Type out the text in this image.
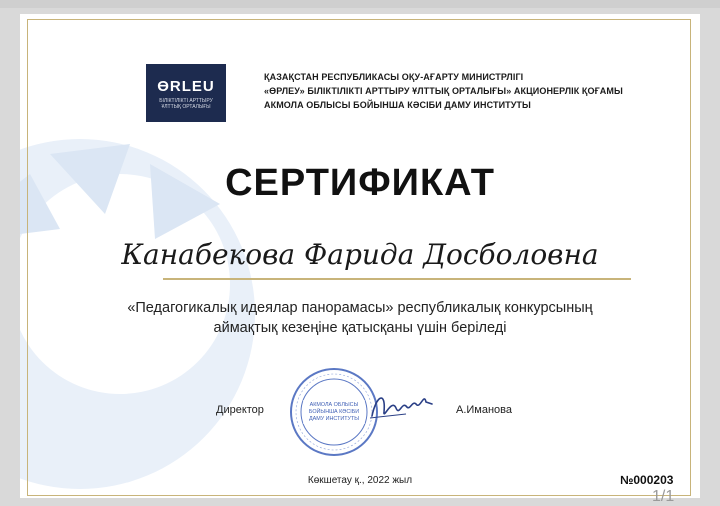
ƟRLEU
БІЛІКТІЛІКТІ АРТТЫРУ
ҰЛТТЫҚ ОРТАЛЫҒЫ
ҚАЗАҚСТАН РЕСПУБЛИКАСЫ ОҚУ-АҒАРТУ МИНИСТРЛІГІ
«ӨРЛЕУ» БІЛІКТІЛІКТІ АРТТЫРУ ҰЛТТЫҚ ОРТАЛЫҒЫ» АКЦИОНЕРЛІК ҚОҒАМЫ
АКМОЛА ОБЛЫСЫ БОЙЫНША КӘСІБИ ДАМУ ИНСТИТУТЫ
СЕРТИФИКАТ
Канабекова Фарида Досболовна
«Педагогикалық идеялар панорамасы» республикалық конкурсының
аймақтық кезеңіне қатысқаны үшін беріледі
Директор	АКМОЛА ОБЛЫСЫ
БОЙЫНША КӘСІБИ
ДАМУ ИНСТИТУТЫ
А.Иманова
Көкшетау қ., 2022 жыл	№000203
1/1
